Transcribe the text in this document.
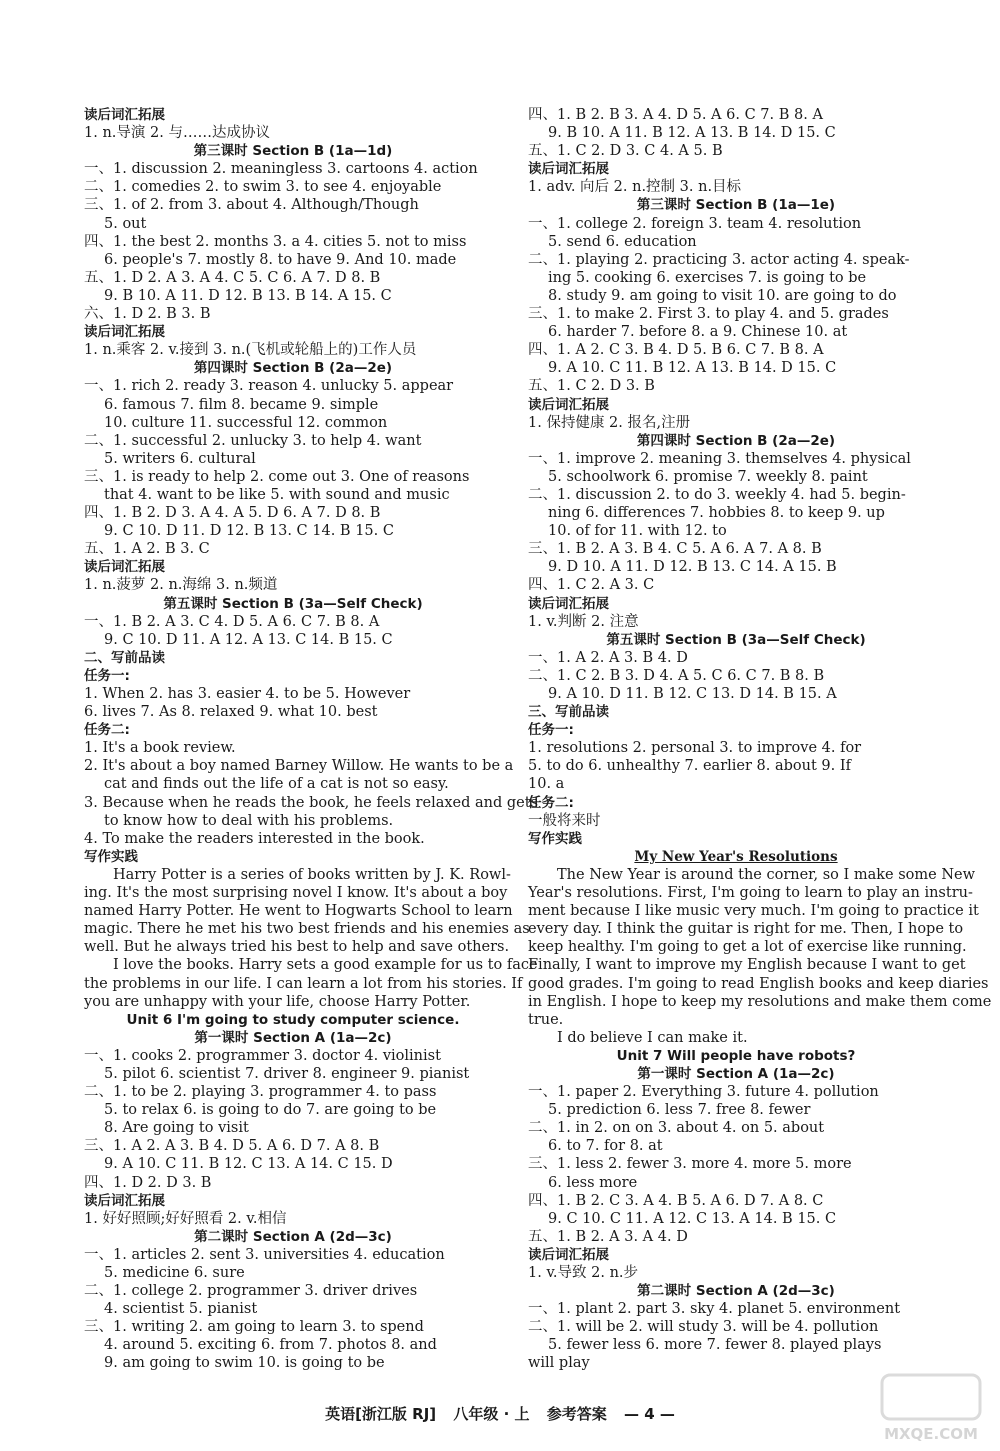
读后词汇拓展
1. n.导演 2. 与……达成协议
第三课时 Section B (1a—1d)
一、1. discussion 2. meaningless 3. cartoons 4. action
二、1. comedies 2. to swim 3. to see 4. enjoyable
三、1. of 2. from 3. about 4. Although/Though
5. out
四、1. the best 2. months 3. a 4. cities 5. not to miss
6. people's 7. mostly 8. to have 9. And 10. made
五、1. D 2. A 3. A 4. C 5. C 6. A 7. D 8. B
9. B 10. A 11. D 12. B 13. B 14. A 15. C
六、1. D 2. B 3. B
读后词汇拓展
1. n.乘客 2. v.接到 3. n.(飞机或轮船上的)工作人员
第四课时 Section B (2a—2e)
一、1. rich 2. ready 3. reason 4. unlucky 5. appear
6. famous 7. film 8. became 9. simple
10. culture 11. successful 12. common
二、1. successful 2. unlucky 3. to help 4. want
5. writers 6. cultural
三、1. is ready to help 2. come out 3. One of reasons
that 4. want to be like 5. with sound and music
四、1. B 2. D 3. A 4. A 5. D 6. A 7. D 8. B
9. C 10. D 11. D 12. B 13. C 14. B 15. C
五、1. A 2. B 3. C
读后词汇拓展
1. n.菠萝 2. n.海绵 3. n.频道
第五课时 Section B (3a—Self Check)
一、1. B 2. A 3. C 4. D 5. A 6. C 7. B 8. A
9. C 10. D 11. A 12. A 13. C 14. B 15. C
二、写前品读
任务一:
1. When 2. has 3. easier 4. to be 5. However
6. lives 7. As 8. relaxed 9. what 10. best
任务二:
1. It's a book review.
2. It's about a boy named Barney Willow. He wants to be a
cat and finds out the life of a cat is not so easy.
3. Because when he reads the book, he feels relaxed and gets
to know how to deal with his problems.
4. To make the readers interested in the book.
写作实践
Harry Potter is a series of books written by J. K. Rowl-
ing. It's the most surprising novel I know. It's about a boy
named Harry Potter. He went to Hogwarts School to learn
magic. There he met his two best friends and his enemies as
well. But he always tried his best to help and save others.
I love the books. Harry sets a good example for us to face
the problems in our life. I can learn a lot from his stories. If
you are unhappy with your life, choose Harry Potter.
Unit 6 I'm going to study computer science.
第一课时 Section A (1a—2c)
一、1. cooks 2. programmer 3. doctor 4. violinist
5. pilot 6. scientist 7. driver 8. engineer 9. pianist
二、1. to be 2. playing 3. programmer 4. to pass
5. to relax 6. is going to do 7. are going to be
8. Are going to visit
三、1. A 2. A 3. B 4. D 5. A 6. D 7. A 8. B
9. A 10. C 11. B 12. C 13. A 14. C 15. D
四、1. D 2. D 3. B
读后词汇拓展
1. 好好照顾;好好照看 2. v.相信
第二课时 Section A (2d—3c)
一、1. articles 2. sent 3. universities 4. education
5. medicine 6. sure
二、1. college 2. programmer 3. driver drives
4. scientist 5. pianist
三、1. writing 2. am going to learn 3. to spend
4. around 5. exciting 6. from 7. photos 8. and
9. am going to swim 10. is going to be
四、1. B 2. B 3. A 4. D 5. A 6. C 7. B 8. A
9. B 10. A 11. B 12. A 13. B 14. D 15. C
五、1. C 2. D 3. C 4. A 5. B
读后词汇拓展
1. adv. 向后 2. n.控制 3. n.目标
第三课时 Section B (1a—1e)
一、1. college 2. foreign 3. team 4. resolution
5. send 6. education
二、1. playing 2. practicing 3. actor acting 4. speak-
ing 5. cooking 6. exercises 7. is going to be
8. study 9. am going to visit 10. are going to do
三、1. to make 2. First 3. to play 4. and 5. grades
6. harder 7. before 8. a 9. Chinese 10. at
四、1. A 2. C 3. B 4. D 5. B 6. C 7. B 8. A
9. A 10. C 11. B 12. A 13. B 14. D 15. C
五、1. C 2. D 3. B
读后词汇拓展
1. 保持健康 2. 报名,注册
第四课时 Section B (2a—2e)
一、1. improve 2. meaning 3. themselves 4. physical
5. schoolwork 6. promise 7. weekly 8. paint
二、1. discussion 2. to do 3. weekly 4. had 5. begin-
ning 6. differences 7. hobbies 8. to keep 9. up
10. of for 11. with 12. to
三、1. B 2. A 3. B 4. C 5. A 6. A 7. A 8. B
9. D 10. A 11. D 12. B 13. C 14. A 15. B
四、1. C 2. A 3. C
读后词汇拓展
1. v.判断 2. 注意
第五课时 Section B (3a—Self Check)
一、1. A 2. A 3. B 4. D
二、1. C 2. B 3. D 4. A 5. C 6. C 7. B 8. B
9. A 10. D 11. B 12. C 13. D 14. B 15. A
三、写前品读
任务一:
1. resolutions 2. personal 3. to improve 4. for
5. to do 6. unhealthy 7. earlier 8. about 9. If
10. a
任务二:
一般将来时
写作实践
My New Year's Resolutions
The New Year is around the corner, so I make some New
Year's resolutions. First, I'm going to learn to play an instru-
ment because I like music very much. I'm going to practice it
every day. I think the guitar is right for me. Then, I hope to
keep healthy. I'm going to get a lot of exercise like running.
Finally, I want to improve my English because I want to get
good grades. I'm going to read English books and keep diaries
in English. I hope to keep my resolutions and make them come
true.
I do believe I can make it.
Unit 7 Will people have robots?
第一课时 Section A (1a—2c)
一、1. paper 2. Everything 3. future 4. pollution
5. prediction 6. less 7. free 8. fewer
二、1. in 2. on on 3. about 4. on 5. about
6. to 7. for 8. at
三、1. less 2. fewer 3. more 4. more 5. more
6. less more
四、1. B 2. C 3. A 4. B 5. A 6. D 7. A 8. C
9. C 10. C 11. A 12. C 13. A 14. B 15. C
五、1. B 2. A 3. A 4. D
读后词汇拓展
1. v.导致 2. n.步
第二课时 Section A (2d—3c)
一、1. plant 2. part 3. sky 4. planet 5. environment
二、1. will be 2. will study 3. will be 4. pollution
5. fewer less 6. more 7. fewer 8. played plays
will play
英语[浙江版 RJ] 八年级 · 上 参考答案 — 4 —
MXQE.COM
